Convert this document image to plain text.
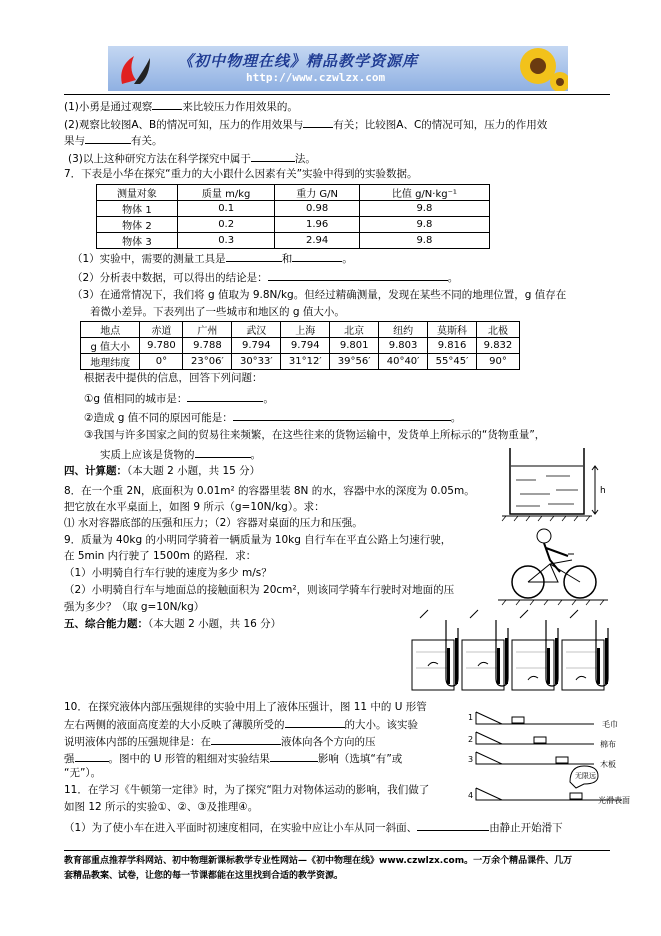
《初中物理在线》精品教学资源库
http://www.czwlzx.com
(1)小勇是通过观察	来比较压力作用效果的。
(2)观察比较图A、B的情况可知，压力的作用效果与	有关；比较图A、C的情况可知，压力的作用效
果与	有关。
(3)以上这种研究方法在科学探究中属于	法。
7．下表是小华在探究“重力的大小跟什么因素有关”实验中得到的实验数据。
测量对象	质量 m/kg	重力 G/N	比值 g/N·kg⁻¹
物体 1	0.1	0.98	9.8
物体 2	0.2	1.96	9.8
物体 3	0.3	2.94	9.8
（1）实验中，需要的测量工具是	和	。
（2）分析表中数据，可以得出的结论是：	。
（3）在通常情况下，我们将 g 值取为 9.8N/kg。但经过精确测量，发现在某些不同的地理位置，g 值存在
着微小差异。下表列出了一些城市和地区的 g 值大小。
地点	赤道	广州	武汉	上海	北京	纽约	莫斯科	北极
g 值大小	9.780	9.788	9.794	9.794	9.801	9.803	9.816	9.832
地理纬度	0°	23°06′	30°33′	31°12′	39°56′	40°40′	55°45′	90°
根据表中提供的信息，回答下列问题：
①g 值相同的城市是：	。
②造成 g 值不同的原因可能是：	。
③我国与许多国家之间的贸易往来频繁，在这些往来的货物运输中，发货单上所标示的“货物重量”，
实质上应该是货物的	。
四、计算题：（本大题 2 小题，共 15 分）
h
8．在一个重 2N，底面积为 0.01m² 的容器里装 8N 的水，容器中水的深度为 0.05m。
把它放在水平桌面上，如图 9 所示（g=10N/kg）。求：
⑴ 水对容器底部的压强和压力；（2）容器对桌面的压力和压强。
9．质量为 40kg 的小明同学骑着一辆质量为 10kg 自行车在平直公路上匀速行驶，
在 5min 内行驶了 1500m 的路程．求：
（1）小明骑自行车行驶的速度为多少 m/s？
（2）小明骑自行车与地面总的接触面积为 20cm²，则该同学骑车行驶时对地面的压
强为多少？（取 g=10N/kg）
五、综合能力题：（本大题 2 小题，共 16 分）
10．在探究液体内部压强规律的实验中用上了液体压强计，图 11 中的 U 形管
左右两侧的液面高度差的大小反映了薄膜所受的	的大小。该实验
说明液体内部的压强规律是：在	液体向各个方向的压
强	。图中的 U 形管的粗细对实验结果	影响（选填“有”或
“无”）。
11．在学习《牛顿第一定律》时，为了探究“阻力对物体运动的影响，我们做了
如图 12 所示的实验①、②、③及推理④。
（1）为了使小车在进入平面时初速度相同，在实验中应让小车从同一斜面、	由静止开始滑下
1
2
3
4
毛巾
棉布
木板
光滑表面
无限远
教育部重点推荐学科网站、初中物理新课标教学专业性网站—《初中物理在线》www.czwlzx.com。一万余个精品课件、几万
套精品教案、试卷，让您的每一节课都能在这里找到合适的教学资源。
